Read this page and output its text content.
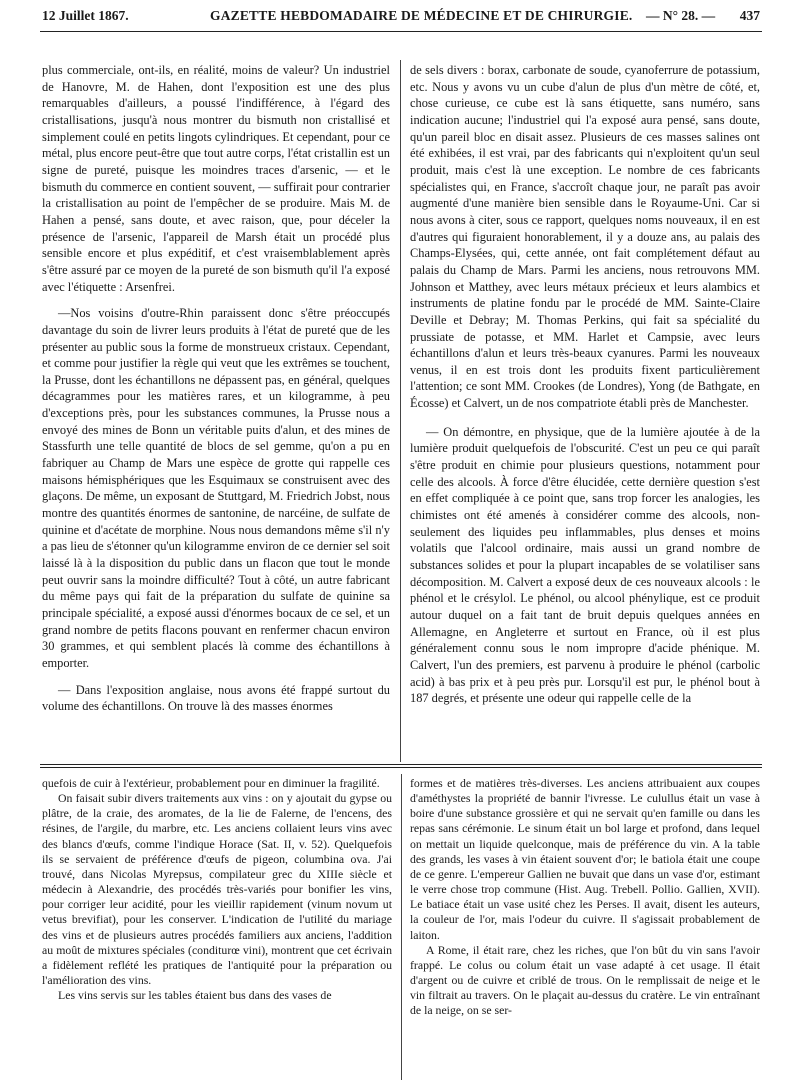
12 Juillet 1867.	GAZETTE HEBDOMADAIRE DE MÉDECINE ET DE CHIRURGIE. — N° 28. — 437

plus commerciale, ont-ils, en réalité, moins de valeur? Un industriel de Hanovre, M. de Hahen, dont l'exposition est une des plus remarquables d'ailleurs, a poussé l'indifférence, à l'égard des cristallisations, jusqu'à nous montrer du bismuth non cristallisé et simplement coulé en petits lingots cylindriques. Et cependant, pour ce métal, plus encore peut-être que tout autre corps, l'état cristallin est un signe de pureté, puisque les moindres traces d'arsenic, — et le bismuth du commerce en contient souvent, — suffirait pour contrarier la cristallisation au point de l'empêcher de se produire. Mais M. de Hahen a pensé, sans doute, et avec raison, que, pour déceler la présence de l'arsenic, l'appareil de Marsh était un procédé plus sensible encore et plus expéditif, et c'est vraisemblablement après s'être assuré par ce moyen de la pureté de son bismuth qu'il l'a exposé avec l'étiquette : Arsenfrei.

—Nos voisins d'outre-Rhin paraissent donc s'être préoccupés davantage du soin de livrer leurs produits à l'état de pureté que de les présenter au public sous la forme de monstrueux cristaux. Cependant, et comme pour justifier la règle qui veut que les extrêmes se touchent, la Prusse, dont les échantillons ne dépassent pas, en général, quelques décagrammes pour les matières rares, et un kilogramme, à peu d'exceptions près, pour les substances communes, la Prusse nous a envoyé des mines de Bonn un véritable puits d'alun, et des mines de Stassfurth une telle quantité de blocs de sel gemme, qu'on a pu en fabriquer au Champ de Mars une espèce de grotte qui rappelle ces maisons hémisphériques que les Esquimaux se construisent avec des glaçons. De même, un exposant de Stuttgard, M. Friedrich Jobst, nous montre des quantités énormes de santonine, de narcéine, de sulfate de quinine et d'acétate de morphine. Nous nous demandons même s'il n'y a pas lieu de s'étonner qu'un kilogramme environ de ce dernier sel soit laissé là à la disposition du public dans un flacon que tout le monde peut ouvrir sans la moindre difficulté? Tout à côté, un autre fabricant du même pays qui fait de la préparation du sulfate de quinine sa principale spécialité, a exposé aussi d'énormes bocaux de ce sel, et un grand nombre de petits flacons pouvant en renfermer chacun environ 30 grammes, et qui semblent placés là comme des échantillons à emporter.

— Dans l'exposition anglaise, nous avons été frappé surtout du volume des échantillons. On trouve là des masses énormes

de sels divers : borax, carbonate de soude, cyanoferrure de potassium, etc. Nous y avons vu un cube d'alun de plus d'un mètre de côté, et, chose curieuse, ce cube est là sans étiquette, sans numéro, sans indication aucune; l'industriel qui l'a exposé aura pensé, sans doute, qu'un pareil bloc en disait assez. Plusieurs de ces masses salines ont été exhibées, il est vrai, par des fabricants qui n'exploitent qu'un seul produit, mais c'est là une exception. Le nombre de ces fabricants spécialistes qui, en France, s'accroît chaque jour, ne paraît pas avoir augmenté d'une manière bien sensible dans le Royaume-Uni. Car si nous avons à citer, sous ce rapport, quelques noms nouveaux, il en est d'autres qui figuraient honorablement, il y a douze ans, au palais des Champs-Elysées, qui, cette année, ont fait complétement défaut au palais du Champ de Mars. Parmi les anciens, nous retrouvons MM. Johnson et Matthey, avec leurs métaux précieux et leurs alambics et instruments de platine fondu par le procédé de MM. Sainte-Claire Deville et Debray; M. Thomas Perkins, qui fait sa spécialité du prussiate de potasse, et MM. Harlet et Campsie, avec leurs échantillons d'alun et leurs très-beaux cyanures. Parmi les nouveaux venus, il en est trois dont les produits fixent particulièrement l'attention; ce sont MM. Crookes (de Londres), Yong (de Bathgate, en Écosse) et Calvert, un de nos compatriote établi près de Manchester.

— On démontre, en physique, que de la lumière ajoutée à de la lumière produit quelquefois de l'obscurité. C'est un peu ce qui paraît s'être produit en chimie pour plusieurs questions, notamment pour celle des alcools. À force d'être élucidée, cette dernière question s'est en effet compliquée à ce point que, sans trop forcer les analogies, les chimistes ont été amenés à considérer comme des alcools, non-seulement des liquides peu inflammables, plus denses et moins volatils que l'alcool ordinaire, mais aussi un grand nombre de substances solides et pour la plupart incapables de se volatiliser sans décomposition. M. Calvert a exposé deux de ces nouveaux alcools : le phénol et le crésylol. Le phénol, ou alcool phénylique, est ce produit autour duquel on a fait tant de bruit depuis quelques années en Allemagne, en Angleterre et surtout en France, où il est plus généralement connu sous le nom impropre d'acide phénique. M. Calvert, l'un des premiers, est parvenu à produire le phénol (carbolic acid) à bas prix et à peu près pur. Lorsqu'il est pur, le phénol bout à 187 degrés, et présente une odeur qui rappelle celle de la

quefois de cuir à l'extérieur, probablement pour en diminuer la fragilité.

On faisait subir divers traitements aux vins : on y ajoutait du gypse ou plâtre, de la craie, des aromates, de la lie de Falerne, de l'encens, des résines, de l'argile, du marbre, etc. Les anciens collaient leurs vins avec des blancs d'œufs, comme l'indique Horace (Sat. II, v. 52). Quelquefois ils se servaient de préférence d'œufs de pigeon, columbina ova. J'ai trouvé, dans Nicolas Myrepsus, compilateur grec du XIIIe siècle et médecin à Alexandrie, des procédés très-variés pour bonifier les vins, pour corriger leur acidité, pour les vieillir rapidement (vinum novum ut vetus brevifiat), pour les conserver. L'indication de l'utilité du mariage des vins et de plusieurs autres procédés familiers aux anciens, l'addition au moût de mixtures spéciales (conditurœ vini), montrent que cet écrivain a fidèlement reflété les pratiques de l'antiquité pour la préparation ou l'amélioration des vins.

Les vins servis sur les tables étaient bus dans des vases de

formes et de matières très-diverses. Les anciens attribuaient aux coupes d'améthystes la propriété de bannir l'ivresse. Le culullus était un vase à boire d'une substance grossière et qui ne servait qu'en famille ou dans les repas sans cérémonie. Le sinum était un bol large et profond, dans lequel on mettait un liquide quelconque, mais de préférence du vin. A la table des grands, les vases à vin étaient souvent d'or; le batiola était une coupe de ce genre. L'empereur Gallien ne buvait que dans un vase d'or, estimant le verre chose trop commune (Hist. Aug. Trebell. Pollio. Gallien, XVII). Le batiace était un vase usité chez les Perses. Il avait, disent les auteurs, la couleur de l'or, mais l'odeur du cuivre. Il s'agissait probablement de laiton.

A Rome, il était rare, chez les riches, que l'on bût du vin sans l'avoir frappé. Le colus ou colum était un vase adapté à cet usage. Il était d'argent ou de cuivre et criblé de trous. On le remplissait de neige et le vin filtrait au travers. On le plaçait au-dessus du cratère. Le vin entraînant de la neige, on se ser-
